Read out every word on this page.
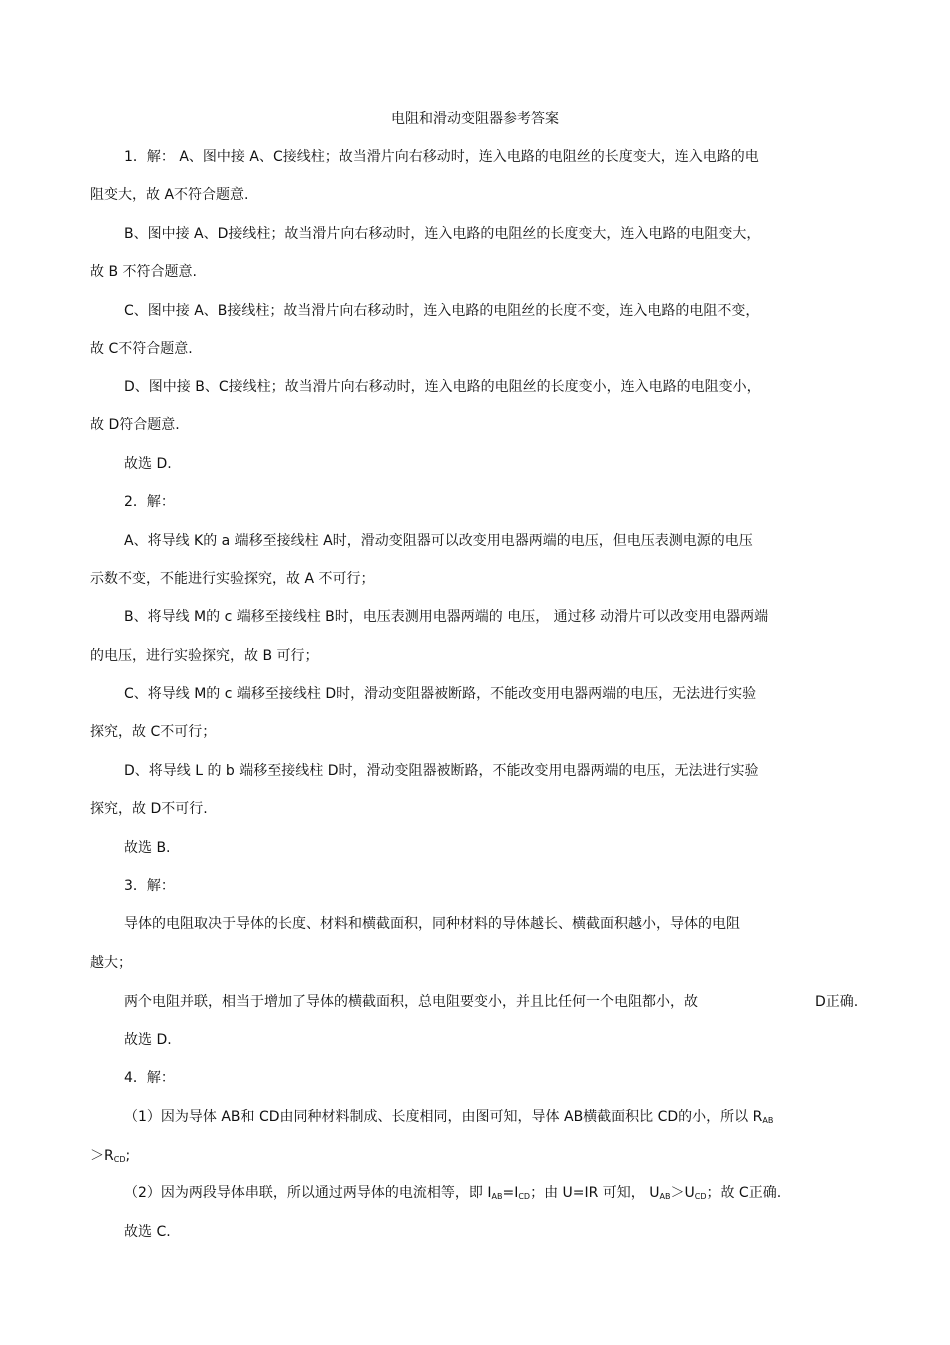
电阻和滑动变阻器参考答案
1．解： A、图中接 A、C接线柱；故当滑片向右移动时，连入电路的电阻丝的长度变大，连入电路的电
阻变大，故 A不符合题意.
B、图中接 A、D接线柱；故当滑片向右移动时，连入电路的电阻丝的长度变大，连入电路的电阻变大，
故 B 不符合题意.
C、图中接 A、B接线柱；故当滑片向右移动时，连入电路的电阻丝的长度不变，连入电路的电阻不变，
故 C不符合题意.
D、图中接 B、C接线柱；故当滑片向右移动时，连入电路的电阻丝的长度变小，连入电路的电阻变小，
故 D符合题意.
故选 D.
2．解：
A、将导线 K的 a 端移至接线柱 A时，滑动变阻器可以改变用电器两端的电压，但电压表测电源的电压
示数不变，不能进行实验探究，故 A 不可行；
B、将导线 M的 c 端移至接线柱 B时，电压表测用电器两端的 电压， 通过移 动滑片可以改变用电器两端
的电压，进行实验探究，故 B 可行；
C、将导线 M的 c 端移至接线柱 D时，滑动变阻器被断路，不能改变用电器两端的电压，无法进行实验
探究，故 C不可行；
D、将导线 L 的 b 端移至接线柱 D时，滑动变阻器被断路，不能改变用电器两端的电压，无法进行实验
探究，故 D不可行.
故选 B.
3．解：
导体的电阻取决于导体的长度、材料和横截面积，同种材料的导体越长、横截面积越小，导体的电阻
越大；
两个电阻并联，相当于增加了导体的横截面积，总电阻要变小，并且比任何一个电阻都小，故	D正确.
故选 D.
4．解：
（1）因为导体 AB和 CD由同种材料制成、长度相同，由图可知，导体 AB横截面积比 CD的小，所以 $R_{AB}$
$>R_{CD}$;
（2）因为两段导体串联，所以通过两导体的电流相等，即 $I_{AB}=I_{CD}$；由 U=IR 可知， $U_{AB}>U_{CD}$；故 C正确.
故选 C.
